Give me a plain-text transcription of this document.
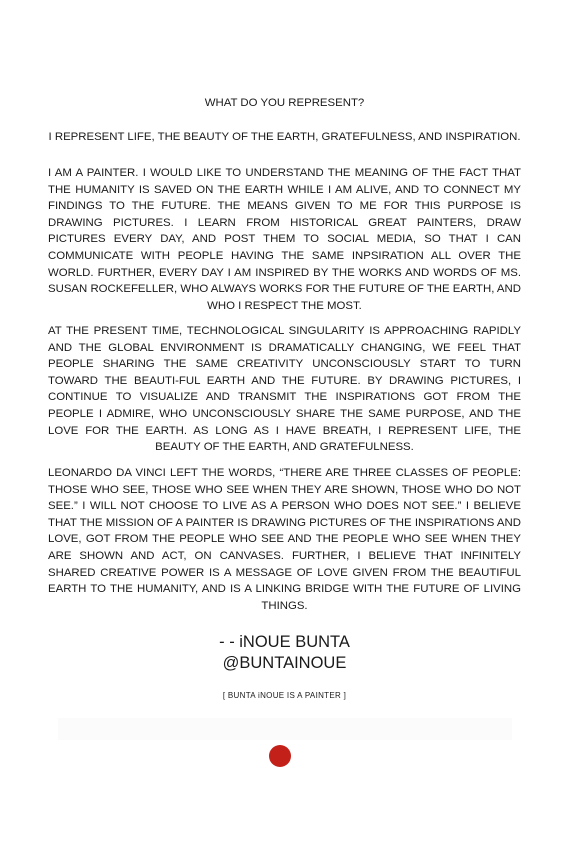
WHAT DO YOU REPRESENT?
I REPRESENT LIFE, THE BEAUTY OF THE EARTH, GRATEFULNESS, AND INSPIRATION.
I AM A PAINTER. I WOULD LIKE TO UNDERSTAND THE MEANING OF THE FACT THAT THE HUMANITY IS SAVED ON THE EARTH WHILE I AM ALIVE, AND TO CONNECT MY FINDINGS TO THE FUTURE. THE MEANS GIVEN TO ME FOR THIS PURPOSE IS DRAWING PICTURES. I LEARN FROM HISTORICAL GREAT PAINTERS, DRAW PICTURES EVERY DAY, AND POST THEM TO SOCIAL MEDIA, SO THAT I CAN COMMUNICATE WITH PEOPLE HAVING THE SAME INPSIRATION ALL OVER THE WORLD. FURTHER, EVERY DAY I AM INSPIRED BY THE WORKS AND WORDS OF MS. SUSAN ROCKEFELLER, WHO ALWAYS WORKS FOR THE FUTURE OF THE EARTH, AND WHO I RESPECT THE MOST.
AT THE PRESENT TIME, TECHNOLOGICAL SINGULARITY IS APPROACHING RAPIDLY AND THE GLOBAL ENVIRONMENT IS DRAMATICALLY CHANGING, WE FEEL THAT PEOPLE SHARING THE SAME CREATIVITY UNCONSCIOUSLY START TO TURN TOWARD THE BEAUTI-FUL EARTH AND THE FUTURE. BY DRAWING PICTURES, I CONTINUE TO VISUALIZE AND TRANSMIT THE INSPIRATIONS GOT FROM THE PEOPLE I ADMIRE, WHO UNCONSCIOUSLY SHARE THE SAME PURPOSE, AND THE LOVE FOR THE EARTH. AS LONG AS I HAVE BREATH, I REPRESENT LIFE, THE BEAUTY OF THE EARTH, AND GRATEFULNESS.
LEONARDO DA VINCI LEFT THE WORDS, “THERE ARE THREE CLASSES OF PEOPLE: THOSE WHO SEE, THOSE WHO SEE WHEN THEY ARE SHOWN, THOSE WHO DO NOT SEE.” I WILL NOT CHOOSE TO LIVE AS A PERSON WHO DOES NOT SEE.” I BELIEVE THAT THE MISSION OF A PAINTER IS DRAWING PICTURES OF THE INSPIRATIONS AND LOVE, GOT FROM THE PEOPLE WHO SEE AND THE PEOPLE WHO SEE WHEN THEY ARE SHOWN AND ACT, ON CANVASES. FURTHER, I BELIEVE THAT INFINITELY SHARED CREATIVE POWER IS A MESSAGE OF LOVE GIVEN FROM THE BEAUTIFUL EARTH TO THE HUMANITY, AND IS A LINKING BRIDGE WITH THE FUTURE OF LIVING THINGS.
- - iNOUE BUNTA
@BUNTAINOUE
[ BUNTA iNOUE IS A PAINTER ]
